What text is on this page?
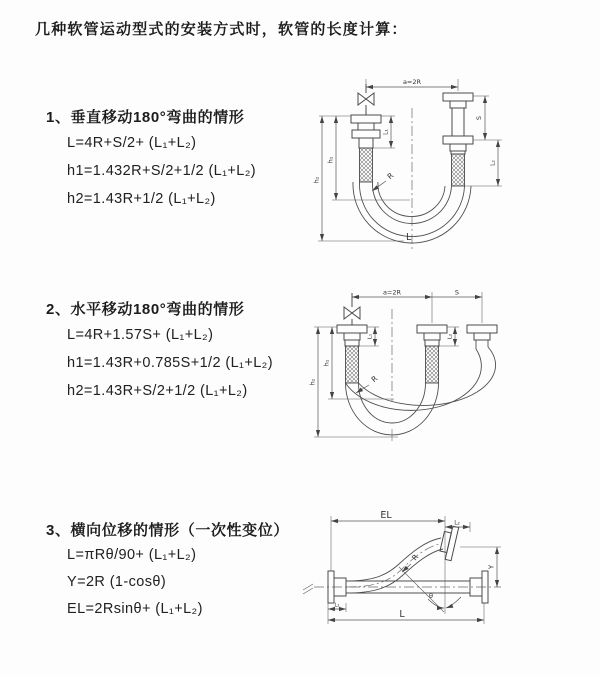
几种软管运动型式的安装方式时，软管的长度计算：
1、垂直移动180°弯曲的情形
L=4R+S/2+ (L₁+L₂)
h1=1.432R+S/2+1/2 (L₁+L₂)
h2=1.43R+1/2 (L₁+L₂)
2、水平移动180°弯曲的情形
L=4R+1.57S+ (L₁+L₂)
h1=1.43R+0.785S+1/2 (L₁+L₂)
h2=1.43R+S/2+1/2 (L₁+L₂)
3、横向位移的情形（一次性变位）
L=πRθ/90+ (L₁+L₂)
Y=2R (1-cosθ)
EL=2Rsinθ+ (L₁+L₂)
a=2R
S
L₂
L₁
h₁
h₂	R
L
a=2R	S
L₁	L₂
h₁
h₂	R
EL
L₂
Y
θ
R
L₁
L
